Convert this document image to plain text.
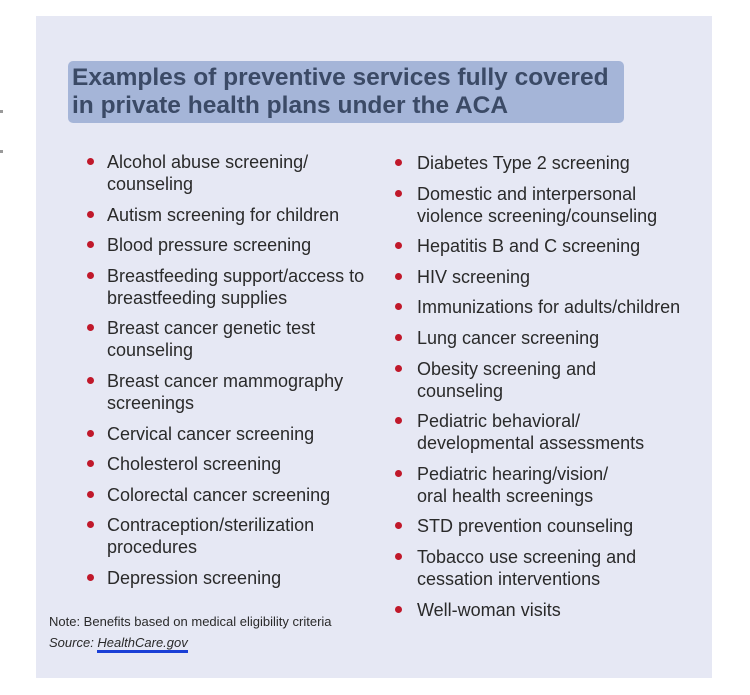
Examples of preventive services fully covered
in private health plans under the ACA
Alcohol abuse screening/
counseling
Autism screening for children
Blood pressure screening
Breastfeeding support/access to
breastfeeding supplies
Breast cancer genetic test
counseling
Breast cancer mammography
screenings
Cervical cancer screening
Cholesterol screening
Colorectal cancer screening
Contraception/sterilization
procedures
Depression screening
Diabetes Type 2 screening
Domestic and interpersonal
violence screening/counseling
Hepatitis B and C screening
HIV screening
Immunizations for adults/children
Lung cancer screening
Obesity screening and
counseling
Pediatric behavioral/
developmental assessments
Pediatric hearing/vision/
oral health screenings
STD prevention counseling
Tobacco use screening and
cessation interventions
Well-woman visits

Note: Benefits based on medical eligibility criteria

Source: HealthCare.gov
